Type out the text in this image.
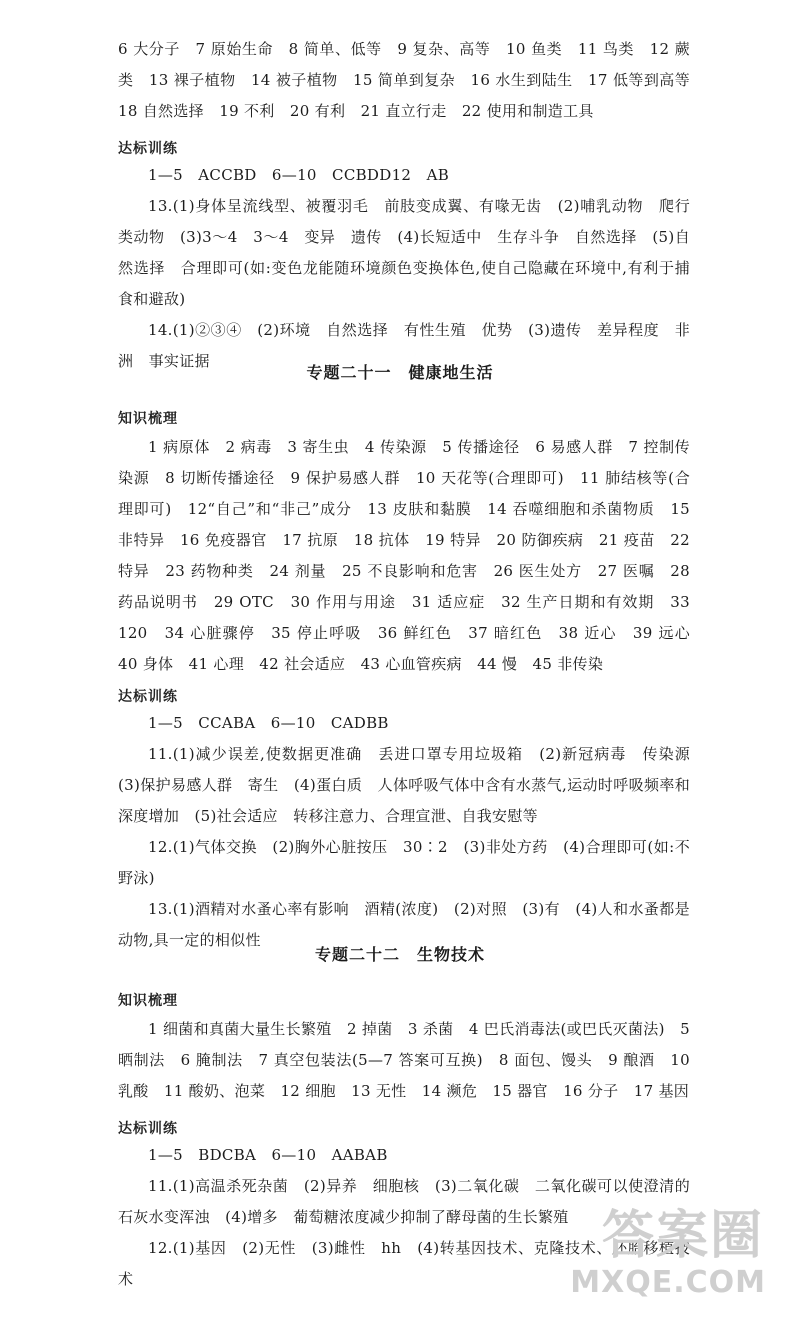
6 大分子　7 原始生命　8 简单、低等　9 复杂、高等　10 鱼类　11 鸟类　12 蕨类　13 裸子植物　14 被子植物　15 简单到复杂　16 水生到陆生　17 低等到高等　18 自然选择　19 不利　20 有利　21 直立行走　22 使用和制造工具

达标训练

1—5　ACCBD　6—10　CCBDD12　AB

13.(1)身体呈流线型、被覆羽毛　前肢变成翼、有喙无齿　(2)哺乳动物　爬行类动物　(3)3～4　3～4　变异　遗传　(4)长短适中　生存斗争　自然选择　(5)自然选择　合理即可(如:变色龙能随环境颜色变换体色,使自己隐藏在环境中,有利于捕食和避敌)

14.(1)②③④　(2)环境　自然选择　有性生殖　优势　(3)遗传　差异程度　非洲　事实证据

专题二十一　健康地生活
知识梳理

1 病原体　2 病毒　3 寄生虫　4 传染源　5 传播途径　6 易感人群　7 控制传染源　8 切断传播途径　9 保护易感人群　10 天花等(合理即可)　11 肺结核等(合理即可)　12“自己”和“非己”成分　13 皮肤和黏膜　14 吞噬细胞和杀菌物质　15 非特异　16 免疫器官　17 抗原　18 抗体　19 特异　20 防御疾病　21 疫苗　22 特异　23 药物种类　24 剂量　25 不良影响和危害　26 医生处方　27 医嘱　28 药品说明书　29 OTC　30 作用与用途　31 适应症　32 生产日期和有效期　33 120　34 心脏骤停　35 停止呼吸　36 鲜红色　37 暗红色　38 近心　39 远心　40 身体　41 心理　42 社会适应　43 心血管疾病　44 慢　45 非传染

达标训练

1—5　CCABA　6—10　CADBB

11.(1)减少误差,使数据更准确　丢进口罩专用垃圾箱　(2)新冠病毒　传染源　(3)保护易感人群　寄生　(4)蛋白质　人体呼吸气体中含有水蒸气,运动时呼吸频率和深度增加　(5)社会适应　转移注意力、合理宣泄、自我安慰等

12.(1)气体交换　(2)胸外心脏按压　30∶2　(3)非处方药　(4)合理即可(如:不野泳)

13.(1)酒精对水蚤心率有影响　酒精(浓度)　(2)对照　(3)有　(4)人和水蚤都是动物,具一定的相似性

专题二十二　生物技术
知识梳理

1 细菌和真菌大量生长繁殖　2 掉菌　3 杀菌　4 巴氏消毒法(或巴氏灭菌法)　5 晒制法　6 腌制法　7 真空包装法(5—7 答案可互换)　8 面包、馒头　9 酿酒　10 乳酸　11 酸奶、泡菜　12 细胞　13 无性　14 濒危　15 器官　16 分子　17 基因

达标训练

1—5　BDCBA　6—10　AABAB

11.(1)高温杀死杂菌　(2)异养　细胞核　(3)二氧化碳　二氧化碳可以使澄清的石灰水变浑浊　(4)增多　葡萄糖浓度减少抑制了酵母菌的生长繁殖

12.(1)基因　(2)无性　(3)雌性　hh　(4)转基因技术、克隆技术、胚胎移植技术

答案圈
MXQE.COM
